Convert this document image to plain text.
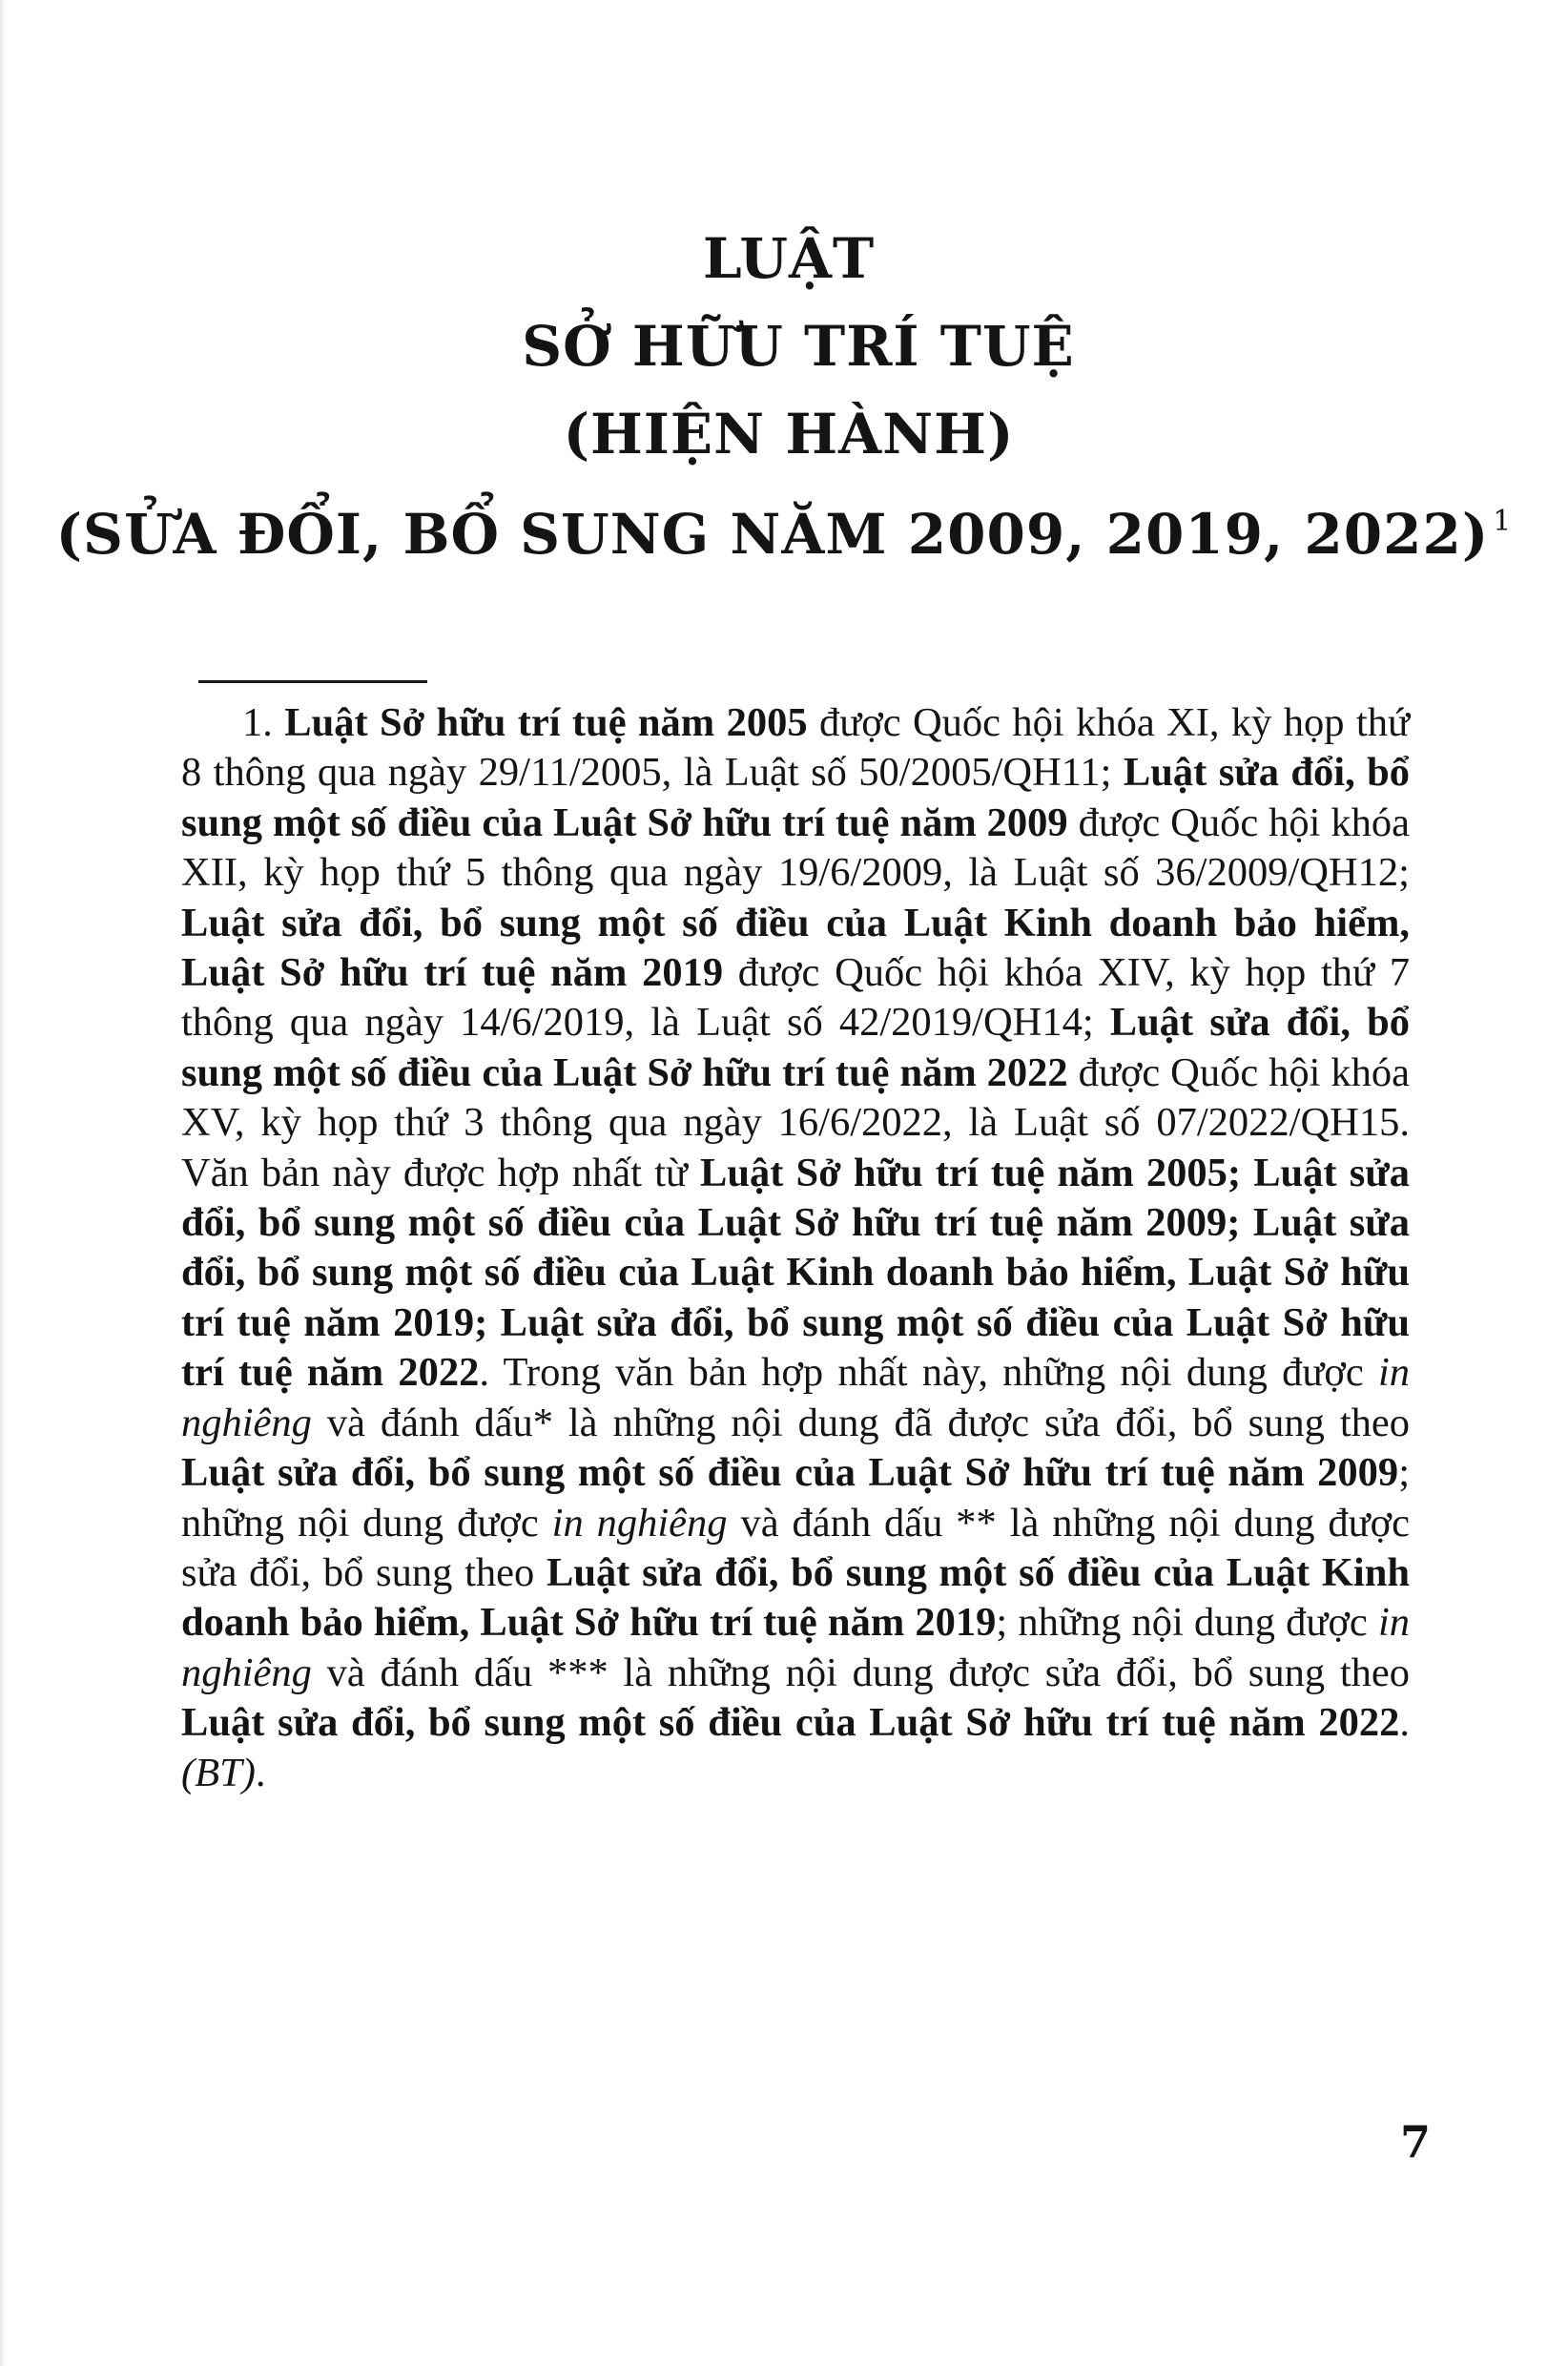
LUẬT
SỞ HỮU TRÍ TUỆ
(HIỆN HÀNH)
(SỬA ĐỔI, BỔ SUNG NĂM 2009, 2019, 2022) $^1$
1. Luật Sở hữu trí tuệ năm 2005 được Quốc hội khóa XI, kỳ họp thứ 8 thông qua ngày 29/11/2005, là Luật số 50/2005/QH11; Luật sửa đổi, bổ sung một số điều của Luật Sở hữu trí tuệ năm 2009 được Quốc hội khóa XII, kỳ họp thứ 5 thông qua ngày 19/6/2009, là Luật số 36/2009/QH12; Luật sửa đổi, bổ sung một số điều của Luật Kinh doanh bảo hiểm, Luật Sở hữu trí tuệ năm 2019 được Quốc hội khóa XIV, kỳ họp thứ 7 thông qua ngày 14/6/2019, là Luật số 42/2019/QH14; Luật sửa đổi, bổ sung một số điều của Luật Sở hữu trí tuệ năm 2022 được Quốc hội khóa XV, kỳ họp thứ 3 thông qua ngày 16/6/2022, là Luật số 07/2022/QH15. Văn bản này được hợp nhất từ Luật Sở hữu trí tuệ năm 2005; Luật sửa đổi, bổ sung một số điều của Luật Sở hữu trí tuệ năm 2009; Luật sửa đổi, bổ sung một số điều của Luật Kinh doanh bảo hiểm, Luật Sở hữu trí tuệ năm 2019; Luật sửa đổi, bổ sung một số điều của Luật Sở hữu trí tuệ năm 2022. Trong văn bản hợp nhất này, những nội dung được in nghiêng và đánh dấu* là những nội dung đã được sửa đổi, bổ sung theo Luật sửa đổi, bổ sung một số điều của Luật Sở hữu trí tuệ năm 2009; những nội dung được in nghiêng và đánh dấu ** là những nội dung được sửa đổi, bổ sung theo Luật sửa đổi, bổ sung một số điều của Luật Kinh doanh bảo hiểm, Luật Sở hữu trí tuệ năm 2019; những nội dung được in nghiêng và đánh dấu *** là những nội dung được sửa đổi, bổ sung theo Luật sửa đổi, bổ sung một số điều của Luật Sở hữu trí tuệ năm 2022. (BT).
7
